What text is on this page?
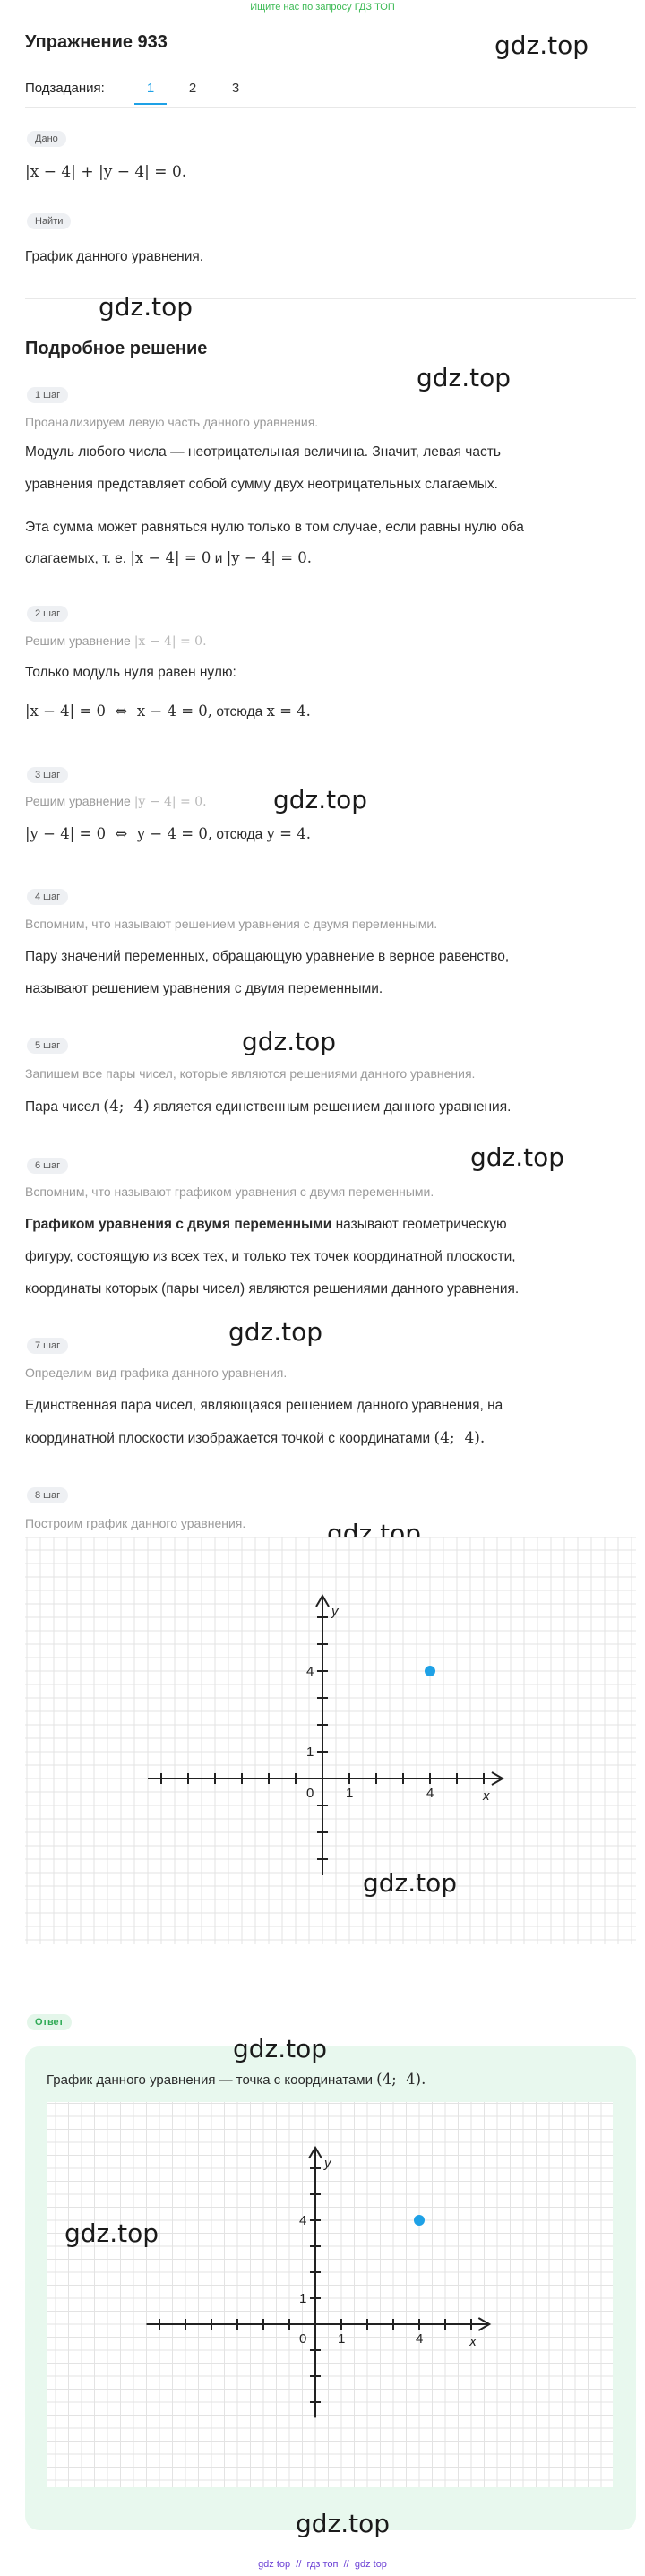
Ищите нас по запросу ГДЗ ТОП
Упражнение 933	gdz.top
Подзадания:	1	2	3
Дано
|x − 4| + |y − 4| = 0.
Найти
График данного уравнения.
gdz.top
Подробное решение
1 шаг
gdz.top
Проанализируем левую часть данного уравнения.
Модуль любого числа — неотрицательная величина. Значит, левая часть
уравнения представляет собой сумму двух неотрицательных слагаемых.
Эта сумма может равняться нулю только в том случае, если равны нулю оба
слагаемых, т. е. |x − 4| = 0 и |y − 4| = 0.
2 шаг
Решим уравнение |x − 4| = 0.
Только модуль нуля равен нулю:
|x − 4| = 0  ⇔  x − 4 = 0, отсюда x = 4.
3 шаг
Решим уравнение |y − 4| = 0.	gdz.top
|y − 4| = 0  ⇔  y − 4 = 0, отсюда y = 4.
4 шаг
Вспомним, что называют решением уравнения с двумя переменными.
Пару значений переменных, обращающую уравнение в верное равенство,
называют решением уравнения с двумя переменными.
5 шаг	gdz.top
Запишем все пары чисел, которые являются решениями данного уравнения.
Пара чисел (4;  4) является единственным решением данного уравнения.
6 шаг	gdz.top
Вспомним, что называют графиком уравнения с двумя переменными.
Графиком уравнения с двумя переменными называют геометрическую
фигуру, состоящую из всех тех, и только тех точек координатной плоскости,
координаты которых (пары чисел) являются решениями данного уравнения.
7 шаг	gdz.top
Определим вид графика данного уравнения.
Единственная пара чисел, являющаяся решением данного уравнения, на
координатной плоскости изображается точкой с координатами (4;  4).
8 шаг
Построим график данного уравнения.	gdz.top
0 1	4
1
4
x
y
gdz.top
Ответ
gdz.top
График данного уравнения — точка с координатами (4;  4).
0 1	4
1
4
x
y
gdz.top
gdz.top
gdz top  //  гдз топ  //  gdz top
